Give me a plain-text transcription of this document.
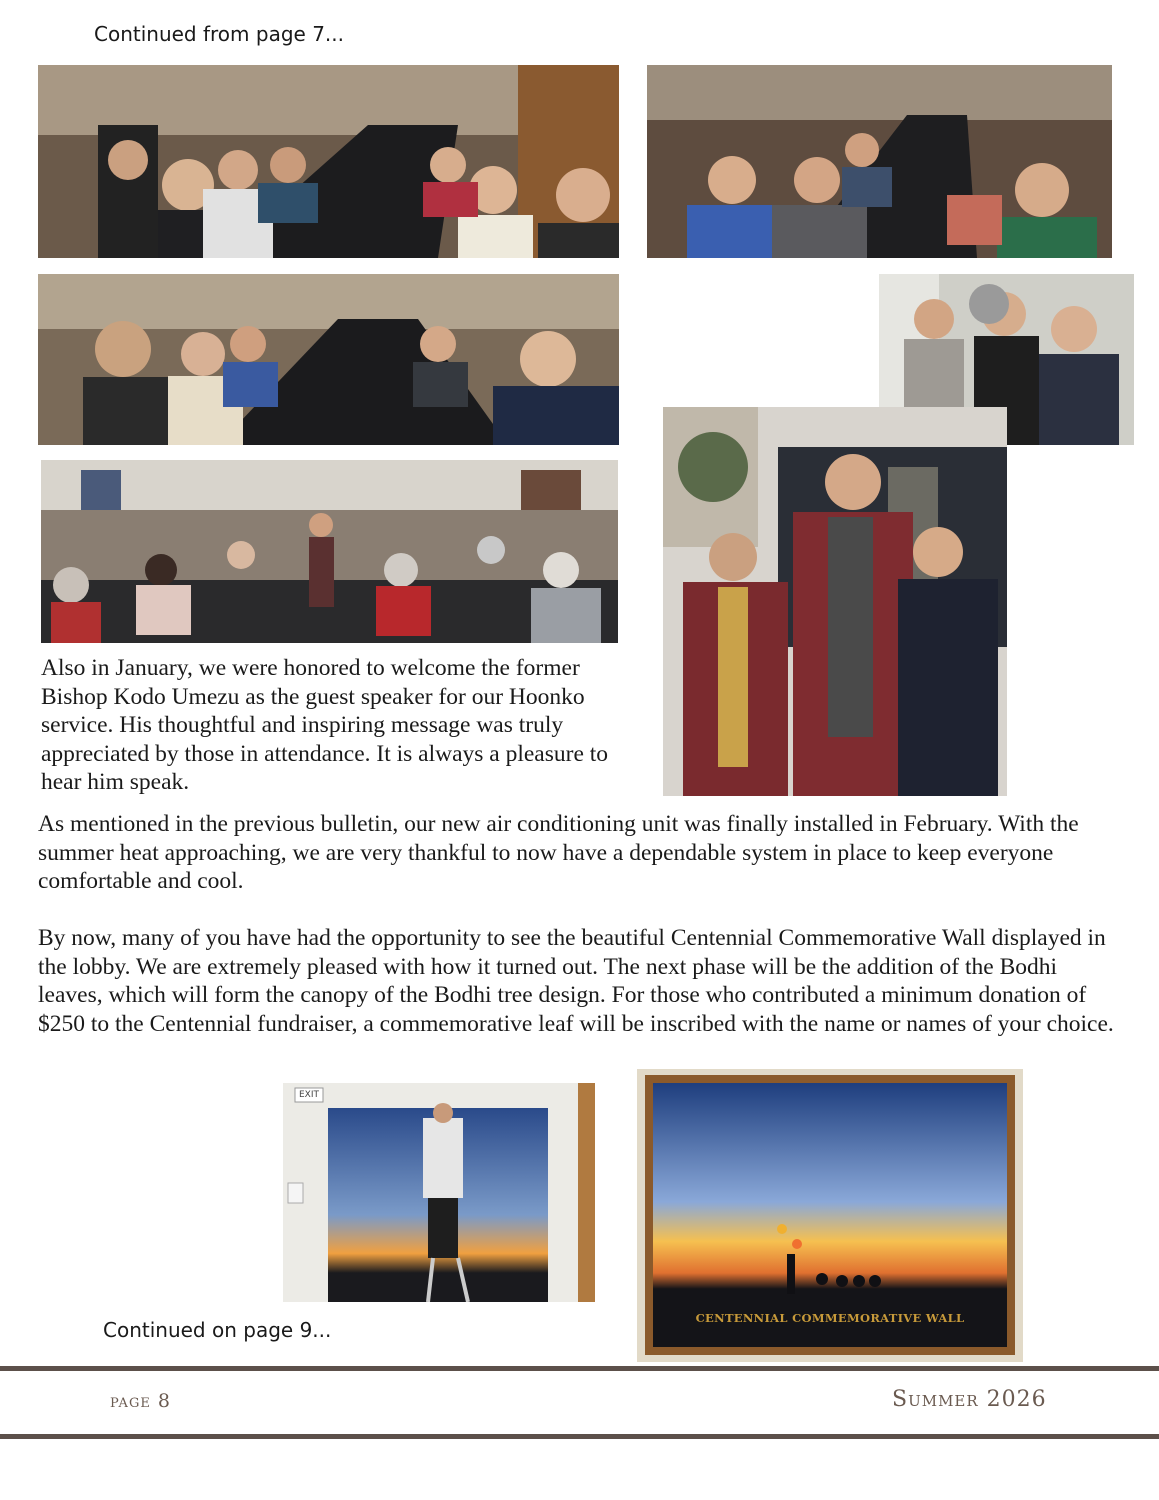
Continued from page 7...
Also in January, we were honored to welcome the former Bishop Kodo Umezu as the guest speaker for our Hoonko service. His thoughtful and inspiring message was truly appreciated by those in attendance. It is always a pleasure to hear him speak.
As mentioned in the previous bulletin, our new air conditioning unit was finally installed in February. With the summer heat approaching, we are very thankful to now have a dependable system in place to keep everyone comfortable and cool.
By now, many of you have had the opportunity to see the beautiful Centennial Commemorative Wall displayed in the lobby. We are extremely pleased with how it turned out. The next phase will be the addition of the Bodhi leaves, which will form the canopy of the Bodhi tree design. For those who contributed a minimum donation of $250 to the Centennial fundraiser, a commemorative leaf will be inscribed with the name or names of your choice.
EXIT
CENTENNIAL COMMEMORATIVE WALL
Continued on page 9...
page 8	Summer 2026
